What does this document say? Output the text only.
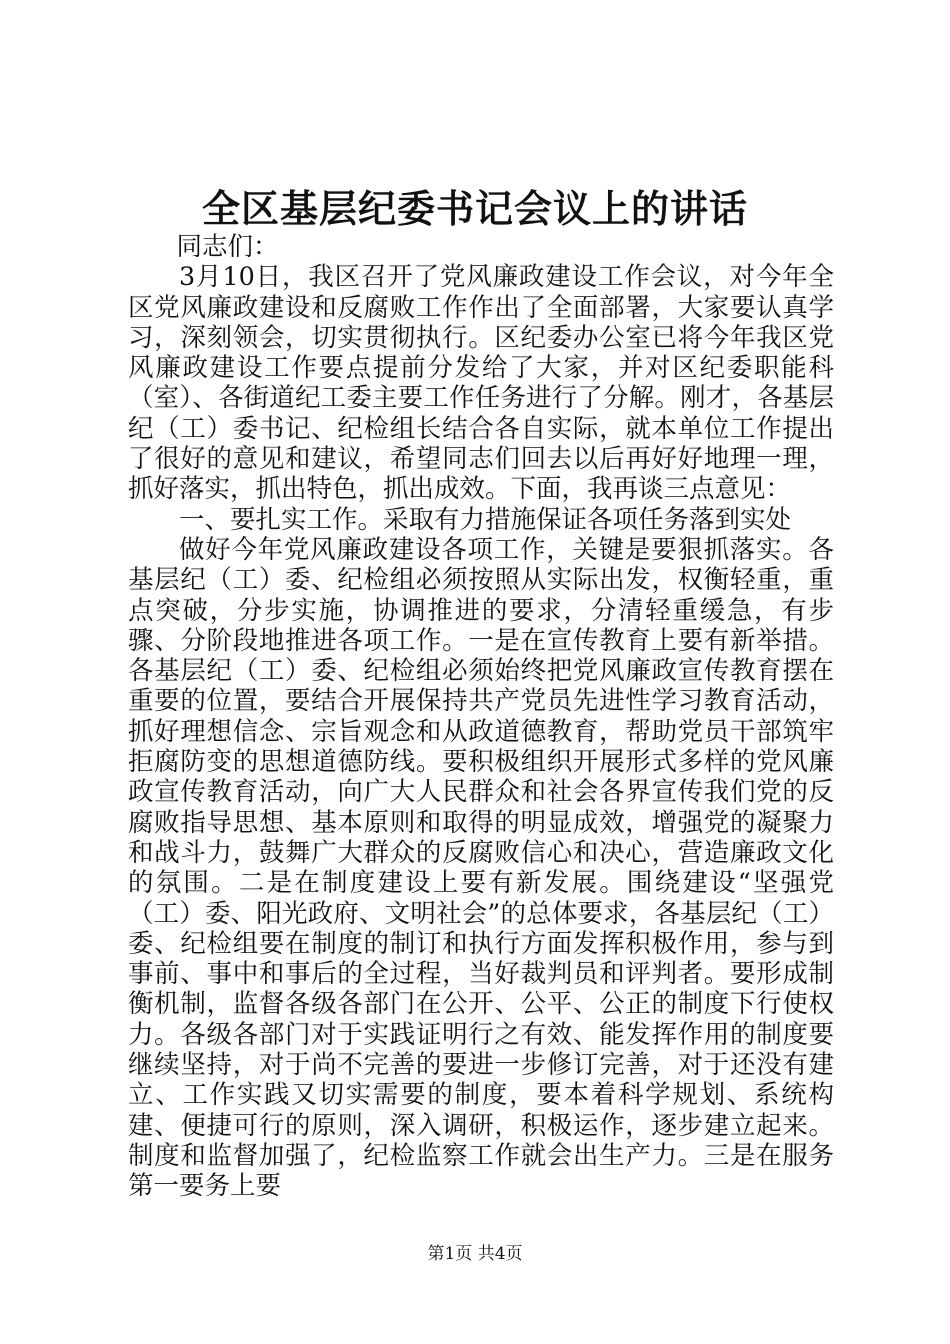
全区基层纪委书记会议上的讲话

同志们：

3月10日，我区召开了党风廉政建设工作会议，对今年全区党风廉政建设和反腐败工作作出了全面部署，大家要认真学习，深刻领会，切实贯彻执行。区纪委办公室已将今年我区党风廉政建设工作要点提前分发给了大家，并对区纪委职能科（室）、各街道纪工委主要工作任务进行了分解。刚才，各基层纪（工）委书记、纪检组长结合各自实际，就本单位工作提出了很好的意见和建议，希望同志们回去以后再好好地理一理，抓好落实，抓出特色，抓出成效。下面，我再谈三点意见：

一、要扎实工作。采取有力措施保证各项任务落到实处

做好今年党风廉政建设各项工作，关键是要狠抓落实。各基层纪（工）委、纪检组必须按照从实际出发，权衡轻重，重点突破，分步实施，协调推进的要求，分清轻重缓急，有步骤、分阶段地推进各项工作。一是在宣传教育上要有新举措。各基层纪（工）委、纪检组必须始终把党风廉政宣传教育摆在重要的位置，要结合开展保持共产党员先进性学习教育活动，抓好理想信念、宗旨观念和从政道德教育，帮助党员干部筑牢拒腐防变的思想道德防线。要积极组织开展形式多样的党风廉政宣传教育活动，向广大人民群众和社会各界宣传我们党的反腐败指导思想、基本原则和取得的明显成效，增强党的凝聚力和战斗力，鼓舞广大群众的反腐败信心和决心，营造廉政文化的氛围。二是在制度建设上要有新发展。围绕建设“坚强党（工）委、阳光政府、文明社会”的总体要求，各基层纪（工）委、纪检组要在制度的制订和执行方面发挥积极作用，参与到事前、事中和事后的全过程，当好裁判员和评判者。要形成制衡机制，监督各级各部门在公开、公平、公正的制度下行使权力。各级各部门对于实践证明行之有效、能发挥作用的制度要继续坚持，对于尚不完善的要进一步修订完善，对于还没有建立、工作实践又切实需要的制度，要本着科学规划、系统构建、便捷可行的原则，深入调研，积极运作，逐步建立起来。制度和监督加强了，纪检监察工作就会出生产力。三是在服务第一要务上要

第1页 共4页
